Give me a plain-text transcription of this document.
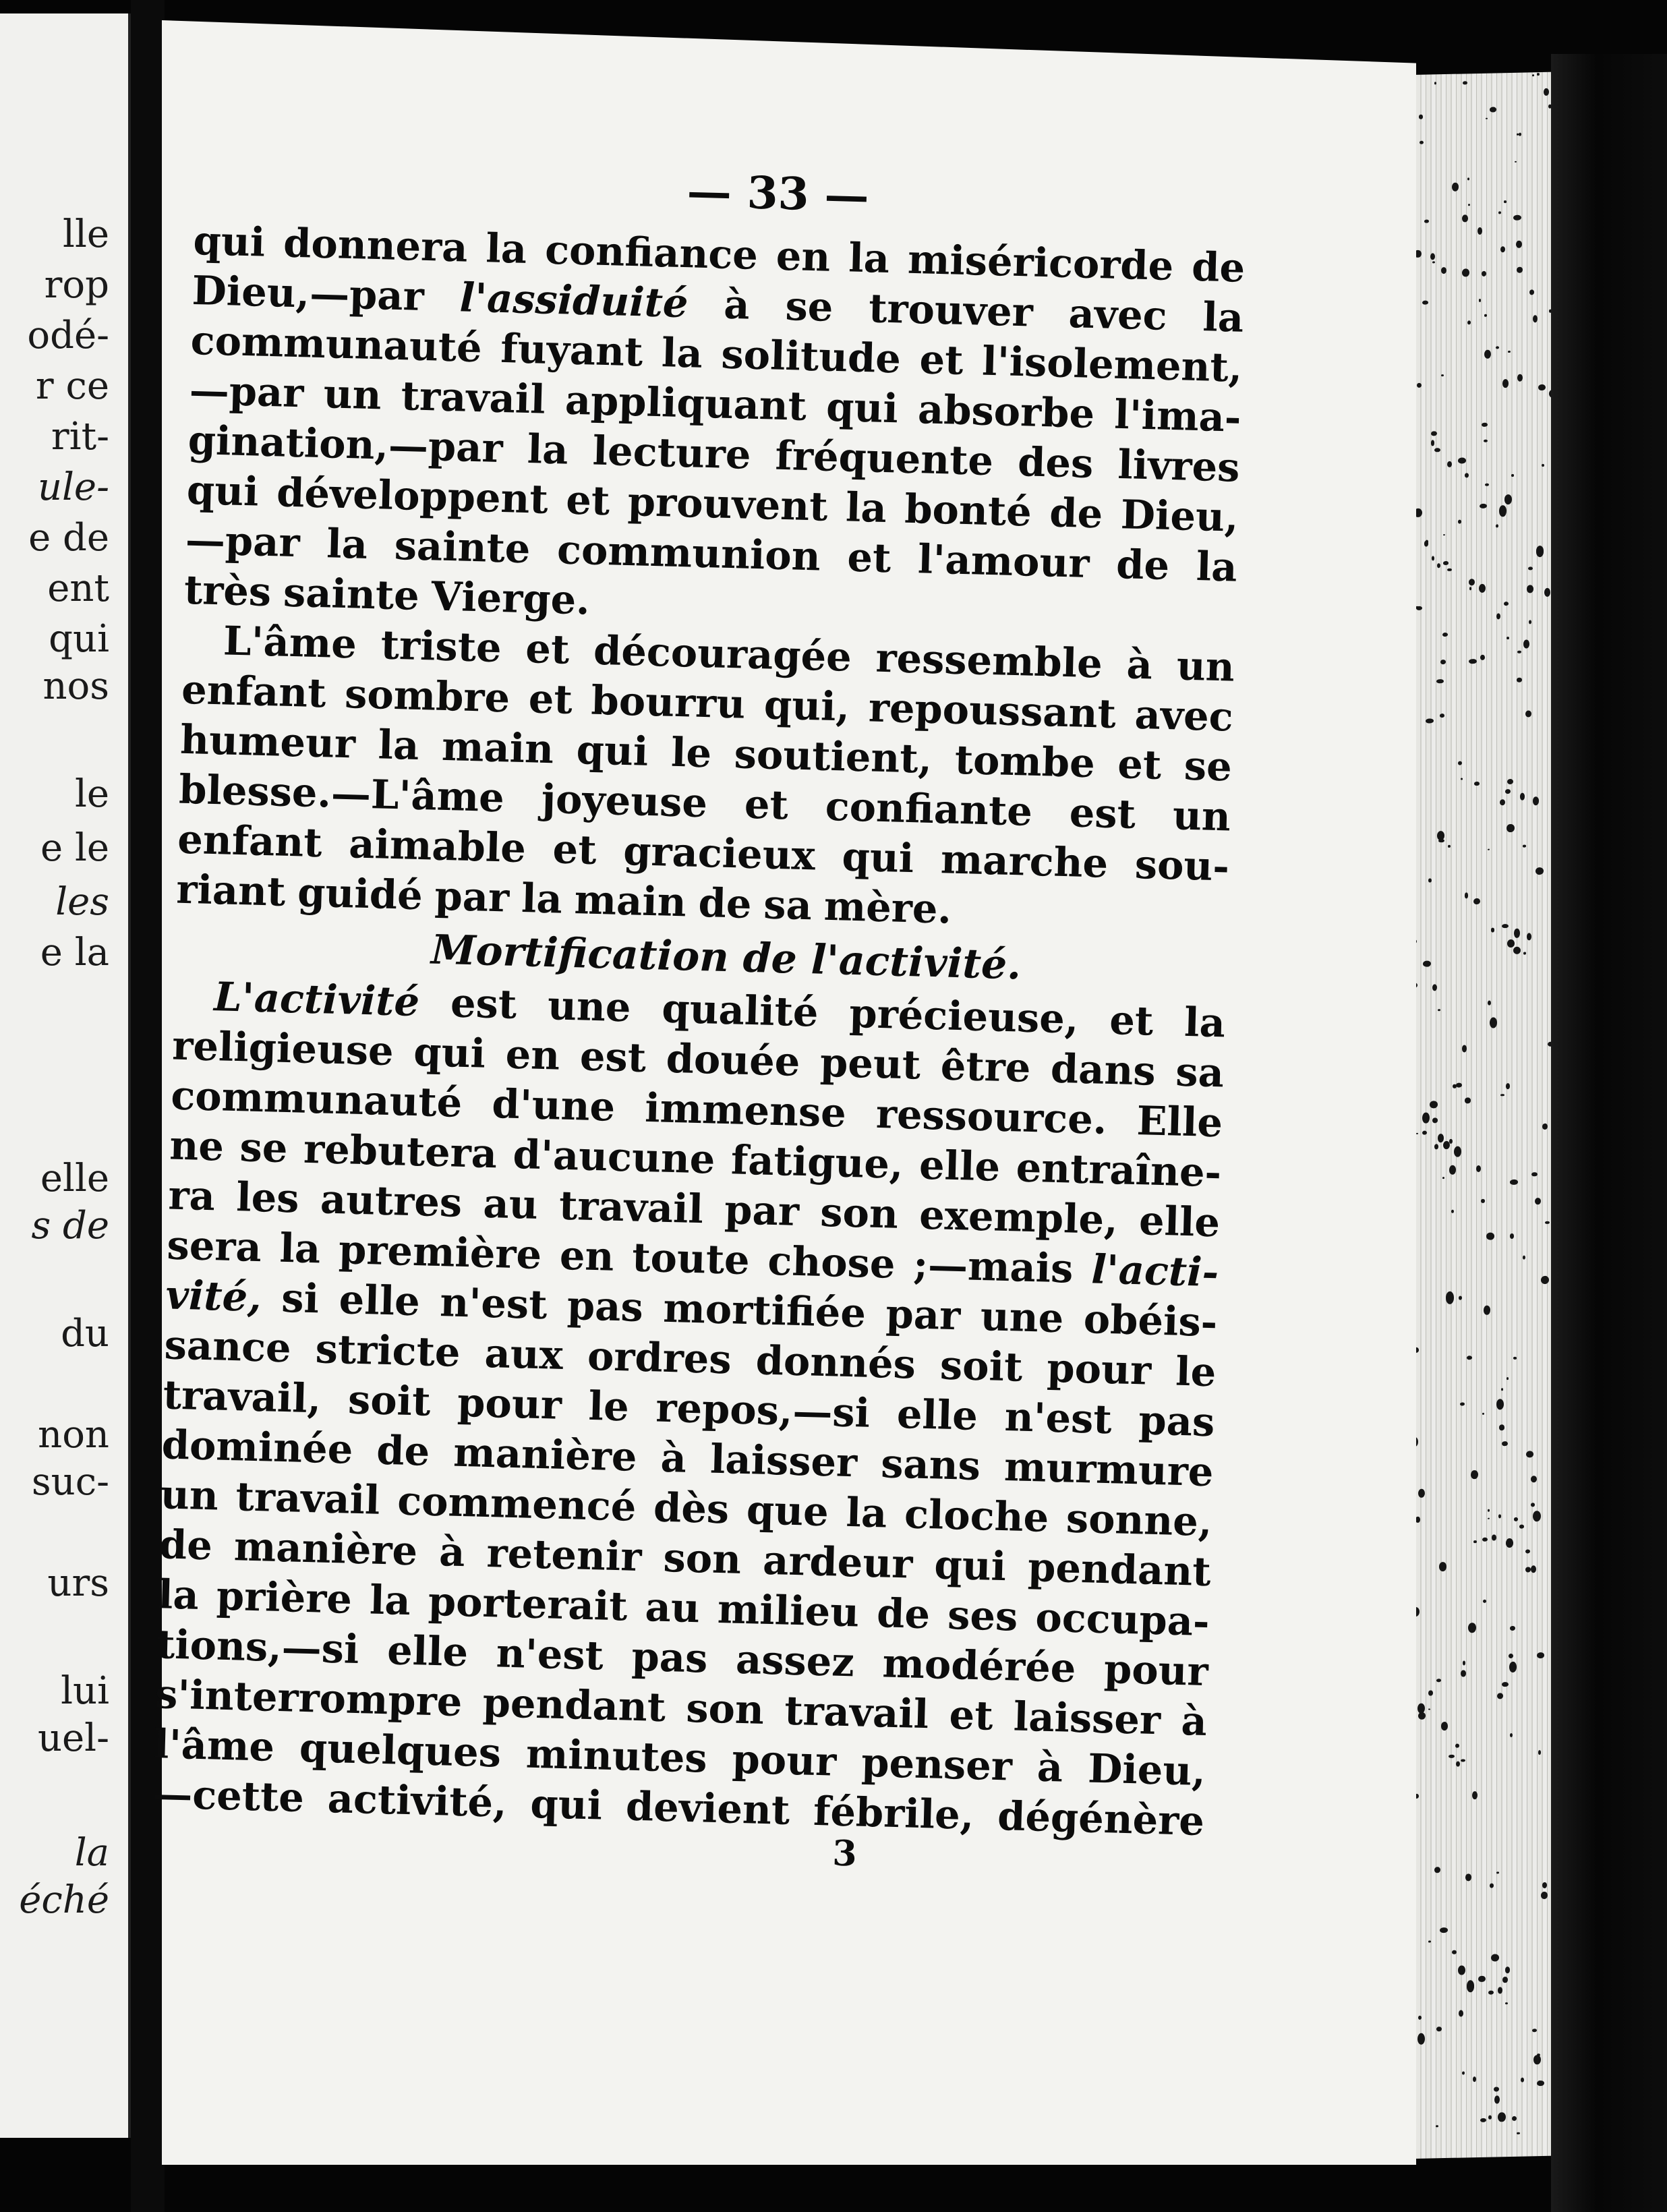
lle
rop
odé-
r ce
rit-
ule-
e de
ent
qui
nos
le
e le
les
e la
elle
s de
du
non
suc-
urs
lui
uel-
la
éché
— 33 —
qui donnera la confiance en la miséricorde de
Dieu,—par l'assiduité à se trouver avec la
communauté fuyant la solitude et l'isolement,
—par un travail appliquant qui absorbe l'ima-
gination,—par la lecture fréquente des livres
qui développent et prouvent la bonté de Dieu,
—par la sainte communion et l'amour de la
très sainte Vierge.
L'âme triste et découragée ressemble à un
enfant sombre et bourru qui, repoussant avec
humeur la main qui le soutient, tombe et se
blesse.—L'âme joyeuse et confiante est un
enfant aimable et gracieux qui marche sou-
riant guidé par la main de sa mère.
Mortification de l'activité.
L'activité est une qualité précieuse, et la
religieuse qui en est douée peut être dans sa
communauté d'une immense ressource. Elle
ne se rebutera d'aucune fatigue, elle entraîne-
ra les autres au travail par son exemple, elle
sera la première en toute chose ;—mais l'acti-
vité, si elle n'est pas mortifiée par une obéis-
sance stricte aux ordres donnés soit pour le
travail, soit pour le repos,—si elle n'est pas
dominée de manière à laisser sans murmure
un travail commencé dès que la cloche sonne,
de manière à retenir son ardeur qui pendant
la prière la porterait au milieu de ses occupa-
tions,—si elle n'est pas assez modérée pour
s'interrompre pendant son travail et laisser à
l'âme quelques minutes pour penser à Dieu,
—cette activité, qui devient fébrile, dégénère
3
